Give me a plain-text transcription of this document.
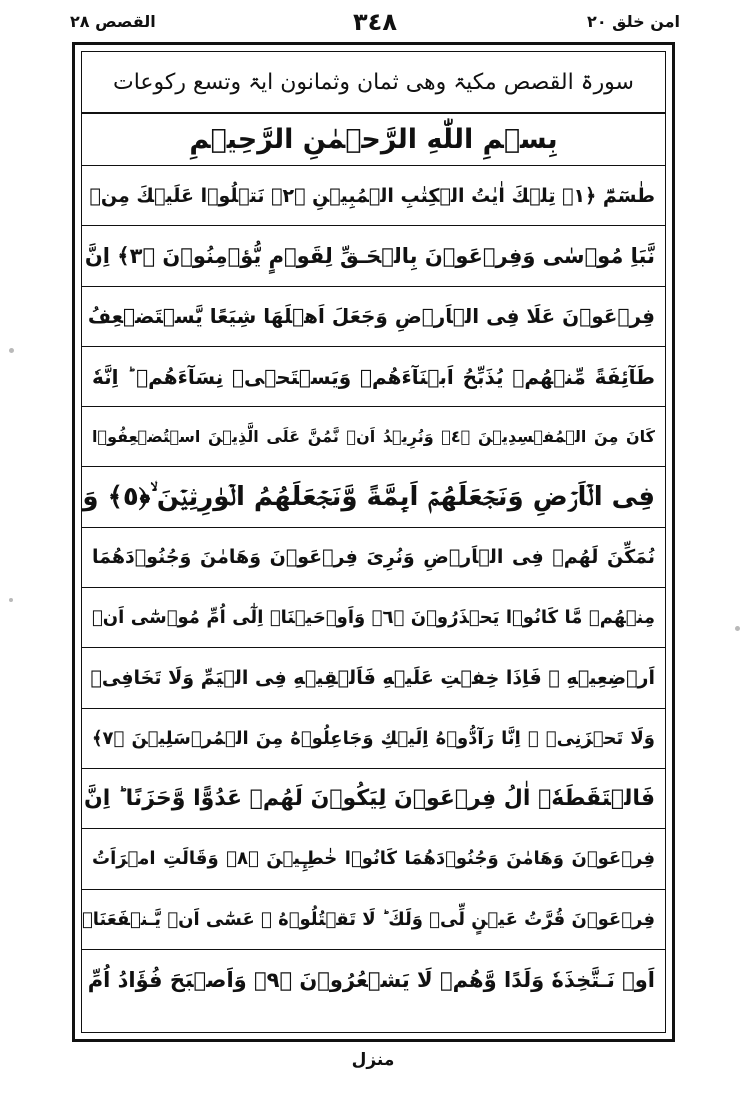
امن خلق ٢٠
٣٤٨
القصص ٢٨
سورۃ القصص مکیۃ وھی ثمان وثمانون ایۃ وتسع رکوعات
بِسۡمِ اللّٰهِ الرَّحۡمٰنِ الرَّحِيۡمِ
طٰسٓمّٓ ﴿١﴾ تِلۡكَ اٰيٰتُ الۡكِتٰبِ الۡمُبِيۡنِ ﴿٢﴾ نَتۡلُوۡا عَلَيۡكَ مِنۡ
نَّبَاِ مُوۡسٰى وَفِرۡعَوۡنَ بِالۡحَـقِّ لِقَوۡمٍ يُّؤۡمِنُوۡنَ ﴿٣﴾ اِنَّ
فِرۡعَوۡنَ عَلَا فِى الۡاَرۡضِ وَجَعَلَ اَهۡلَهَا شِيَعًا يَّسۡتَضۡعِفُ
طَآئِفَةً مِّنۡهُمۡ يُذَبِّحُ اَبۡنَآءَهُمۡ وَيَسۡتَحۡىٖ نِسَآءَهُمۡ ؕ اِنَّهٗ
كَانَ مِنَ الۡمُفۡسِدِيۡنَ ﴿٤﴾ وَنُرِيۡدُ اَنۡ نَّمُنَّ عَلَى الَّذِيۡنَ اسۡتُضۡعِفُوۡا
فِى الۡاَرۡضِ وَنَجۡعَلَهُمۡ اَٮِٕمَّةً وَّنَجۡعَلَهُمُ الۡوٰرِثِيۡنَ ۙ﴿٥﴾ وَ
نُمَكِّنَ لَهُمۡ فِى الۡاَرۡضِ وَنُرِىَ فِرۡعَوۡنَ وَهَامٰنَ وَجُنُوۡدَهُمَا
مِنۡهُمۡ مَّا كَانُوۡا يَحۡذَرُوۡنَ ﴿٦﴾ وَاَوۡحَيۡنَاۤ اِلٰٓى اُمِّ مُوۡسٰٓى اَنۡ
اَرۡضِعِيۡهِ‌ ۚ فَاِذَا خِفۡتِ عَلَيۡهِ فَاَلۡقِيۡهِ فِى الۡيَمِّ وَلَا تَخَافِىۡ
وَلَا تَحۡزَنِىۡ‌ ۚ اِنَّا رَآدُّوۡهُ اِلَيۡكِ وَجَاعِلُوۡهُ مِنَ الۡمُرۡسَلِيۡنَ ﴿٧﴾
فَالۡتَقَطَهٗۤ اٰلُ فِرۡعَوۡنَ لِيَكُوۡنَ لَهُمۡ عَدُوًّا وَّحَزَنًا ‌ؕ اِنَّ
فِرۡعَوۡنَ وَهَامٰنَ وَجُنُوۡدَهُمَا كَانُوۡا خٰطِـِٕيۡنَ ﴿٨﴾ وَقَالَتِ امۡرَاَتُ
فِرۡعَوۡنَ قُرَّتُ عَيۡنٍ لِّىۡ وَلَكَ‌ ؕ لَا تَقۡتُلُوۡهُ ۖ عَسٰٓى اَنۡ يَّـنۡفَعَنَاۤ
اَوۡ نَـتَّخِذَهٗ وَلَدًا وَّهُمۡ لَا يَشۡعُرُوۡنَ ﴿٩﴾ وَاَصۡبَحَ فُؤَادُ اُمِّ
منزل
